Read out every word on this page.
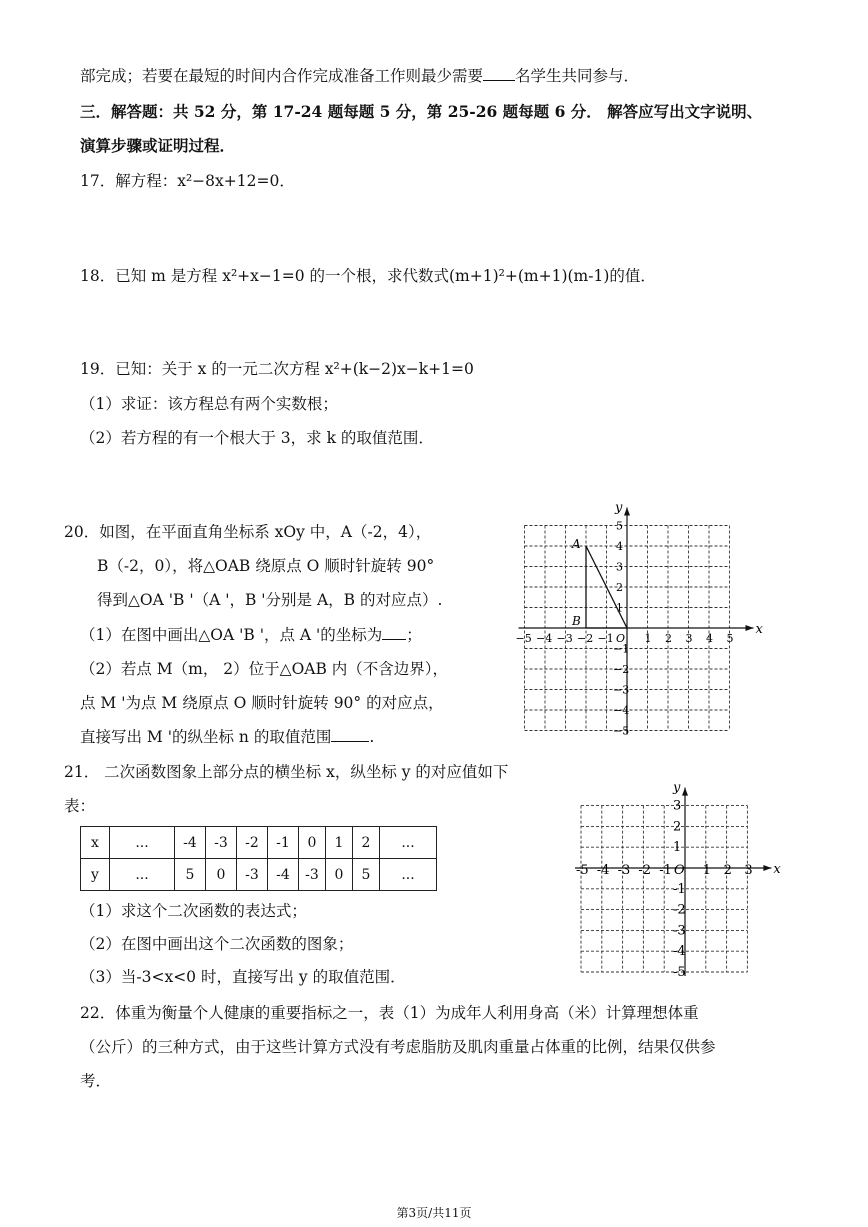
部完成；若要在最短的时间内合作完成准备工作则最少需要 名学生共同参与．
三．解答题：共 52 分，第 17-24 题每题 5 分，第 25-26 题每题 6 分． 解答应写出文字说明、
演算步骤或证明过程．
17．解方程：x²−8x+12=0．
18．已知 m 是方程 x²+x−1=0 的一个根，求代数式(m+1)²+(m+1)(m-1)的值．
19．已知：关于 x 的一元二次方程 x²+(k−2)x−k+1=0
（1）求证：该方程总有两个实数根；
（2）若方程的有一个根大于 3，求 k 的取值范围．
20．如图，在平面直角坐标系 xOy 中，A（-2，4），
B（-2，0），将△OAB 绕原点 O 顺时针旋转 90°
得到△OA 'B '（A '，B '分别是 A，B 的对应点）.
（1）在图中画出△OA 'B '，点 A '的坐标为 ；
（2）若点 M（m， 2）位于△OAB 内（不含边界），
点 M '为点 M 绕原点 O 顺时针旋转 90° 的对应点，
直接写出 M '的纵坐标 n 的取值范围 .
21． 二次函数图象上部分点的横坐标 x，纵坐标 y 的对应值如下
表：
x	...	-4	-3	-2	-1	0	1	2	...
y	...	5	0	-3	-4	-3	0	5	...
（1）求这个二次函数的表达式；
（2）在图中画出这个二次函数的图象；
（3）当-3<x<0 时，直接写出 y 的取值范围．
22．体重为衡量个人健康的重要指标之一，表（1）为成年人利用身高（米）计算理想体重
（公斤）的三种方式，由于这些计算方式没有考虑脂肪及肌肉重量占体重的比例，结果仅供参
考．
x
y
O
−5 −4 −3 −2 −1	1 2 3 4 5
5
4
3
2
1
−1
−2
−3
−4
−5
A
B
x
y
O
-5 -4 -3 -2 -1 1 2 3
3
2
1
-1
-2
-3
-4
-5
第3页/共11页
